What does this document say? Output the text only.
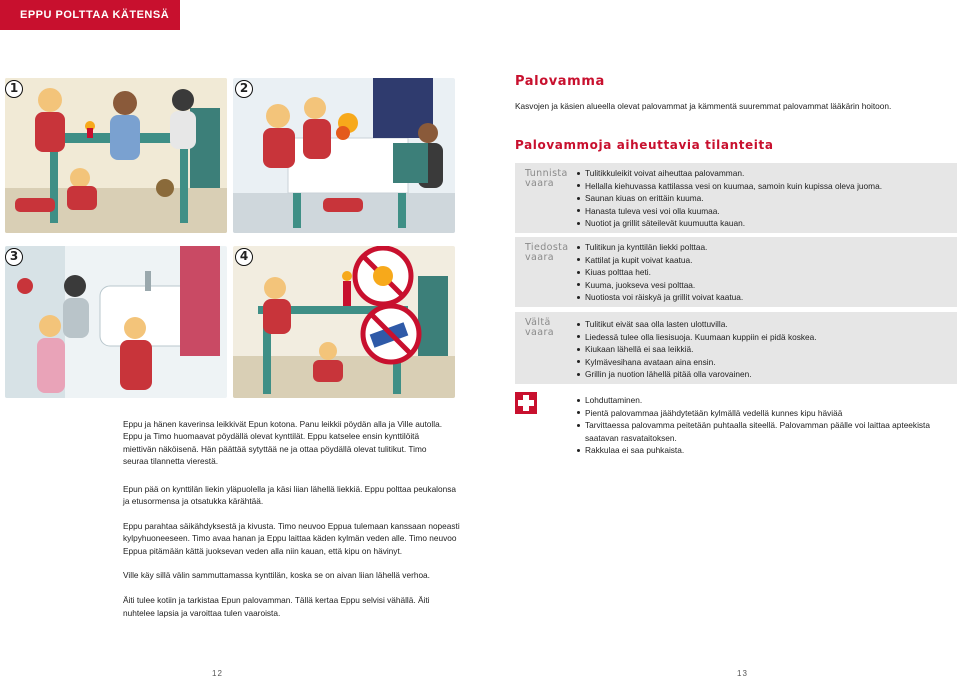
EPPU POLTTAA KÄTENSÄ
1	2
3	4
Eppu ja hänen kaverinsa leikkivät Epun kotona. Panu leikkii pöydän alla ja Ville autolla. Eppu ja Timo huomaavat pöydällä olevat kynttilät. Eppu katselee ensin kynttilöitä miettivän näköisenä. Hän päättää sytyttää ne ja ottaa pöydällä olevat tulitikut. Timo seuraa tilannetta vierestä.

Epun pää on kynttilän liekin yläpuolella ja käsi liian lähellä liekkiä. Eppu polttaa peukalonsa ja etusormensa ja otsatukka kärähtää.

Eppu parahtaa säikähdyksestä ja kivusta. Timo neuvoo Eppua tulemaan kanssaan nopeasti kylpyhuoneeseen. Timo avaa hanan ja Eppu laittaa käden kylmän veden alle. Timo neuvoo Eppua pitämään kättä juoksevan veden alla niin kauan, että kipu on hävinyt.

Ville käy sillä välin sammuttamassa kynttilän, koska se on aivan liian lähellä verhoa.

Äiti tulee kotiin ja tarkistaa Epun palovamman. Tällä kertaa Eppu selvisi vähällä. Äiti nuhtelee lapsia ja varoittaa tulen vaaroista.

Palovamma
Kasvojen ja käsien alueella olevat palovammat ja kämmentä suuremmat palovammat lääkärin hoitoon.
Palovammoja aiheuttavia tilanteita
Tunnista
vaara
Tulitikkuleikit voivat aiheuttaa palovamman.
Hellalla kiehuvassa kattilassa vesi on kuumaa, samoin kuin kupissa oleva juoma.
Saunan kiuas on erittäin kuuma.
Hanasta tuleva vesi voi olla kuumaa.
Nuotiot ja grillit säteilevät kuumuutta kauan.
Tiedosta
vaara
Tulitikun ja kynttilän liekki polttaa.
Kattilat ja kupit voivat kaatua.
Kiuas polttaa heti.
Kuuma, juokseva vesi polttaa.
Nuotiosta voi räiskyä ja grillit voivat kaatua.
Vältä
vaara
Tulitikut eivät saa olla lasten ulottuvilla.
Liedessä tulee olla liesisuoja. Kuumaan kuppiin ei pidä koskea.
Kiukaan lähellä ei saa leikkiä.
Kylmävesihana avataan aina ensin.
Grillin ja nuotion lähellä pitää olla varovainen.
Lohduttaminen.
Pientä palovammaa jäähdytetään kylmällä vedellä kunnes kipu häviää
Tarvittaessa palovamma peitetään puhtaalla siteellä. Palovamman päälle voi laittaa apteekista saatavan rasvataitoksen.
Rakkulaa ei saa puhkaista.
12	13
